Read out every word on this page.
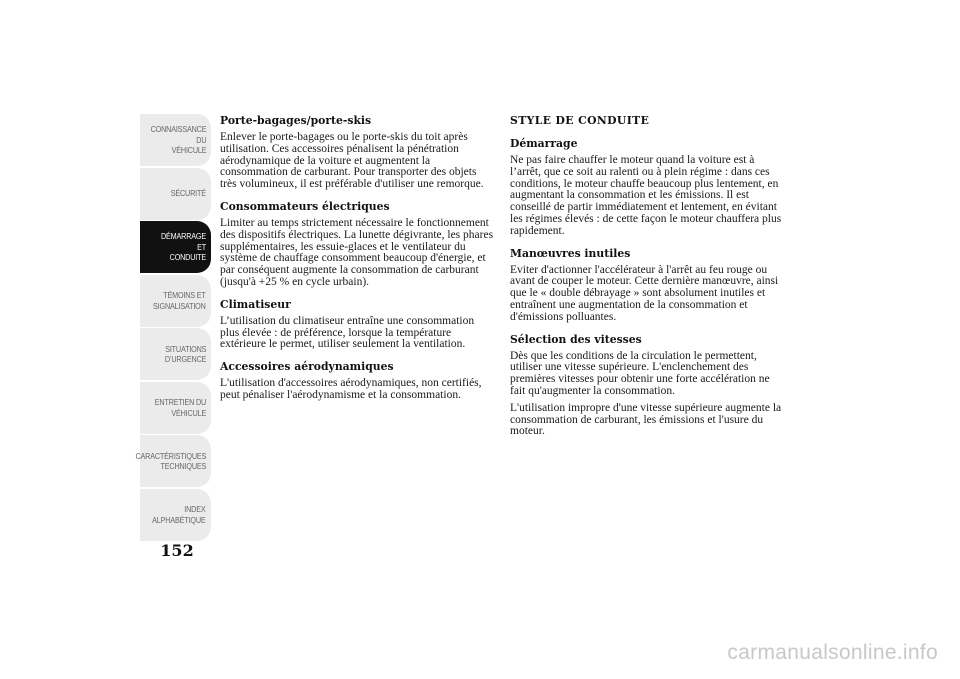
CONNAISSANCE DU
VÉHICULE
SÉCURITÉ
DÉMARRAGE ET
CONDUITE
TÉMOINS ET
SIGNALISATION
SITUATIONS
D’URGENCE
ENTRETIEN DU
VÉHICULE
CARACTÉRISTIQUES
TECHNIQUES
INDEX
ALPHABÉTIQUE
152
Porte-bagages/porte-skis

Enlever le porte-bagages ou le porte-skis du toit après utilisation. Ces accessoires pénalisent la pénétration aérodynamique de la voiture et augmentent la consommation de carburant. Pour transporter des objets très volumineux, il est préférable d'utiliser une remorque.

Consommateurs électriques

Limiter au temps strictement nécessaire le fonctionnement des dispositifs électriques. La lunette dégivrante, les phares supplémentaires, les essuie-glaces et le ventilateur du système de chauffage consomment beaucoup d'énergie, et par conséquent augmente la consommation de carburant (jusqu'à +25 % en cycle urbain).

Climatiseur

L’utilisation du climatiseur entraîne une consommation plus élevée : de préférence, lorsque la température extérieure le permet, utiliser seulement la ventilation.

Accessoires aérodynamiques

L'utilisation d'accessoires aérodynamiques, non certifiés, peut pénaliser l'aérodynamisme et la consommation.

STYLE DE CONDUITE
Démarrage

Ne pas faire chauffer le moteur quand la voiture est à l’arrêt, que ce soit au ralenti ou à plein régime : dans ces conditions, le moteur chauffe beaucoup plus lentement, en augmentant la consommation et les émissions. Il est conseillé de partir immédiatement et lentement, en évitant les régimes élevés : de cette façon le moteur chauffera plus rapidement.

Manœuvres inutiles

Eviter d'actionner l'accélérateur à l'arrêt au feu rouge ou avant de couper le moteur. Cette dernière manœuvre, ainsi que le « double débrayage » sont absolument inutiles et entraînent une augmentation de la consommation et d'émissions polluantes.

Sélection des vitesses

Dès que les conditions de la circulation le permettent, utiliser une vitesse supérieure. L'enclenchement des premières vitesses pour obtenir une forte accélération ne fait qu'augmenter la consommation.

L'utilisation impropre d'une vitesse supérieure augmente la consommation de carburant, les émissions et l'usure du moteur.

carmanualsonline.info
